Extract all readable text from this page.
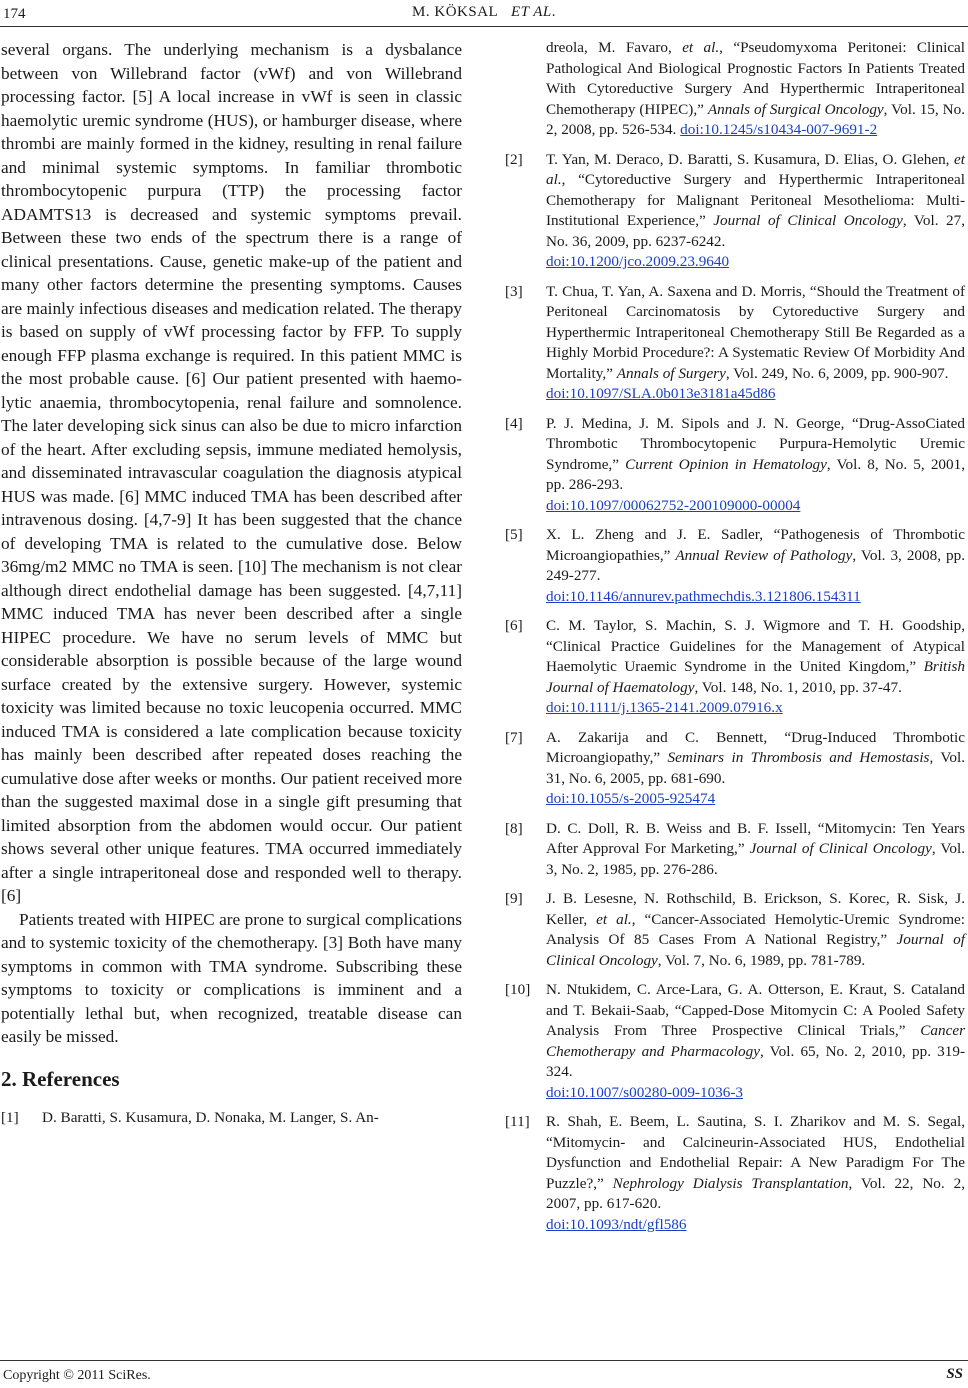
174	M. KÖKSAL ET AL.

several organs. The underlying mechanism is a dysbalance between von Willebrand factor (vWf) and von Willebrand processing factor. [5] A local increase in vWf is seen in classic haemolytic uremic syndrome (HUS), or hamburger disease, where thrombi are mainly formed in the kidney, resulting in renal failure and minimal systemic symptoms. In familiar thrombotic thrombocytopenic purpura (TTP) the processing factor ADAMTS13 is decreased and systemic symptoms prevail. Between these two ends of the spectrum there is a range of clinical presentations. Cause, genetic make-up of the patient and many other factors determine the presenting symptoms. Causes are mainly infectious diseases and medication related. The therapy is based on supply of vWf processing factor by FFP. To supply enough FFP plasma exchange is required. In this patient MMC is the most probable cause. [6] Our patient presented with haemolytic anaemia, thrombocytopenia, renal failure and somnolence. The later developing sick sinus can also be due to micro infarction of the heart. After excluding sepsis, immune mediated hemolysis, and disseminated intravascular coagulation the diagnosis atypical HUS was made. [6] MMC induced TMA has been described after intravenous dosing. [4,7-9] It has been suggested that the chance of developing TMA is related to the cumulative dose. Below 36mg/m2 MMC no TMA is seen. [10] The mechanism is not clear although direct endothelial damage has been suggested. [4,7,11] MMC induced TMA has never been described after a single HIPEC procedure. We have no serum levels of MMC but considerable absorption is possible because of the large wound surface created by the extensive surgery. However, systemic toxicity was limited because no toxic leucopenia occurred. MMC induced TMA is considered a late complication because toxicity has mainly been described after repeated doses reaching the cumulative dose after weeks or months. Our patient received more than the suggested maximal dose in a single gift presuming that limited absorption from the abdomen would occur. Our patient shows several other unique features. TMA occurred immediately after a single intraperitoneal dose and responded well to therapy. [6]

Patients treated with HIPEC are prone to surgical complications and to systemic toxicity of the chemotherapy. [3] Both have many symptoms in common with TMA syndrome. Subscribing these symptoms to toxicity or complications is imminent and a potentially lethal but, when recognized, treatable disease can easily be missed.

2. References
[1]	D. Baratti, S. Kusamura, D. Nonaka, M. Langer, S. An-
dreola, M. Favaro, et al., “Pseudomyxoma Peritonei: Clinical Pathological And Biological Prognostic Factors In Patients Treated With Cytoreductive Surgery And Hyperthermic Intraperitoneal Chemotherapy (HIPEC),” Annals of Surgical Oncology, Vol. 15, No. 2, 2008, pp. 526-534. doi:10.1245/s10434-007-9691-2
[2]	T. Yan, M. Deraco, D. Baratti, S. Kusamura, D. Elias, O. Glehen, et al., “Cytoreductive Surgery and Hyperthermic Intraperitoneal Chemotherapy for Malignant Peritoneal Mesothelioma: Multi-Institutional Experience,” Journal of Clinical Oncology, Vol. 27, No. 36, 2009, pp. 6237-6242.
doi:10.1200/jco.2009.23.9640
[3]	T. Chua, T. Yan, A. Saxena and D. Morris, “Should the Treatment of Peritoneal Carcinomatosis by Cytoreductive Surgery and Hyperthermic Intraperitoneal Chemotherapy Still Be Regarded as a Highly Morbid Procedure?: A Systematic Review Of Morbidity And Mortality,” Annals of Surgery, Vol. 249, No. 6, 2009, pp. 900-907.
doi:10.1097/SLA.0b013e3181a45d86
[4]	P. J. Medina, J. M. Sipols and J. N. George, “Drug-AssoCiated Thrombotic Thrombocytopenic Purpura-Hemolytic Uremic Syndrome,” Current Opinion in Hematology, Vol. 8, No. 5, 2001, pp. 286-293.
doi:10.1097/00062752-200109000-00004
[5]	X. L. Zheng and J. E. Sadler, “Pathogenesis of Thrombotic Microangiopathies,” Annual Review of Pathology, Vol. 3, 2008, pp. 249-277.
doi:10.1146/annurev.pathmechdis.3.121806.154311
[6]	C. M. Taylor, S. Machin, S. J. Wigmore and T. H. Goodship, “Clinical Practice Guidelines for the Management of Atypical Haemolytic Uraemic Syndrome in the United Kingdom,” British Journal of Haematology, Vol. 148, No. 1, 2010, pp. 37-47.
doi:10.1111/j.1365-2141.2009.07916.x
[7]	A. Zakarija and C. Bennett, “Drug-Induced Thrombotic Microangiopathy,” Seminars in Thrombosis and Hemostasis, Vol. 31, No. 6, 2005, pp. 681-690.
doi:10.1055/s-2005-925474
[8]	D. C. Doll, R. B. Weiss and B. F. Issell, “Mitomycin: Ten Years After Approval For Marketing,” Journal of Clinical Oncology, Vol. 3, No. 2, 1985, pp. 276-286.
[9]	J. B. Lesesne, N. Rothschild, B. Erickson, S. Korec, R. Sisk, J. Keller, et al., “Cancer-Associated Hemolytic-Uremic Syndrome: Analysis Of 85 Cases From A National Registry,” Journal of Clinical Oncology, Vol. 7, No. 6, 1989, pp. 781-789.
[10]	N. Ntukidem, C. Arce-Lara, G. A. Otterson, E. Kraut, S. Cataland and T. Bekaii-Saab, “Capped-Dose Mitomycin C: A Pooled Safety Analysis From Three Prospective Clinical Trials,” Cancer Chemotherapy and Pharmacology, Vol. 65, No. 2, 2010, pp. 319-324.
doi:10.1007/s00280-009-1036-3
[11]	R. Shah, E. Beem, L. Sautina, S. I. Zharikov and M. S. Segal, “Mitomycin- and Calcineurin-Associated HUS, Endothelial Dysfunction and Endothelial Repair: A New Paradigm For The Puzzle?,” Nephrology Dialysis Transplantation, Vol. 22, No. 2, 2007, pp. 617-620.
doi:10.1093/ndt/gfl586
Copyright © 2011 SciRes.	SS
